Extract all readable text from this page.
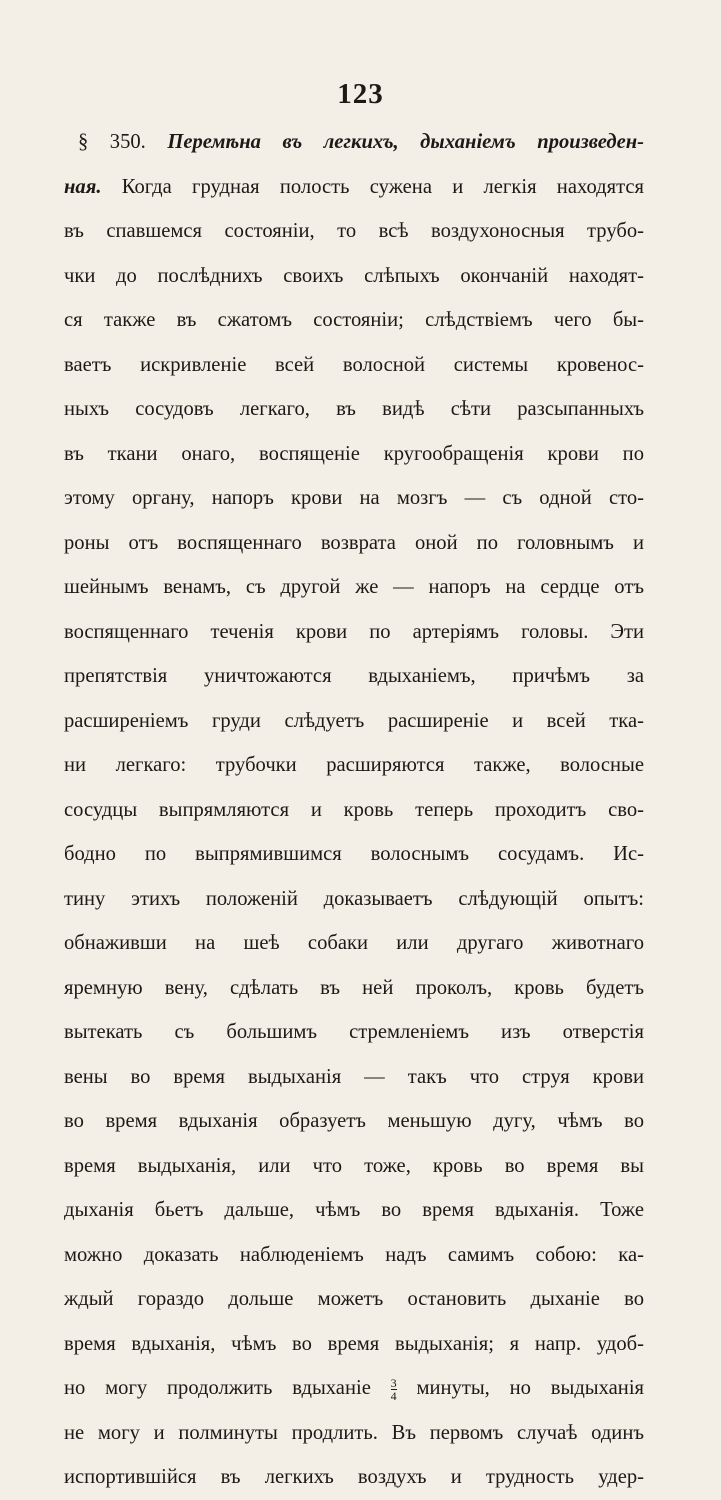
123
§ 350. Перемѣна въ легкихъ, дыханіемъ произведен-
ная. Когда грудная полость сужена и легкія находятся
въ спавшемся состояніи, то всѣ воздухоносныя трубо-
чки до послѣднихъ своихъ слѣпыхъ окончаній находят-
ся также въ сжатомъ состояніи; слѣдствіемъ чего бы-
ваетъ искривленіе всей волосной системы кровенос-
ныхъ сосудовъ легкаго, въ видѣ сѣти разсыпанныхъ
въ ткани онаго, воспященіе кругообращенія крови по
этому органу, напоръ крови на мозгъ — съ одной сто-
роны отъ воспященнаго возврата оной по головнымъ и
шейнымъ венамъ, съ другой же — напоръ на сердце отъ
воспященнаго теченія крови по артеріямъ головы. Эти
препятствія уничтожаются вдыханіемъ, причѣмъ за
расширеніемъ груди слѣдуетъ расширеніе и всей тка-
ни легкаго: трубочки расширяются также, волосные
сосудцы выпрямляются и кровь теперь проходитъ сво-
бодно по выпрямившимся волоснымъ сосудамъ. Ис-
тину этихъ положеній доказываетъ слѣдующій опытъ:
обнаживши на шеѣ собаки или другаго животнаго
яремную вену, сдѣлать въ ней проколъ, кровь будетъ
вытекать съ большимъ стремленіемъ изъ отверстія
вены во время выдыханія — такъ что струя крови
во время вдыханія образуетъ меньшую дугу, чѣмъ во
время выдыханія, или что тоже, кровь во время вы
дыханія бьетъ дальше, чѣмъ во время вдыханія. Тоже
можно доказать наблюденіемъ надъ самимъ собою: ка-
ждый гораздо дольше можетъ остановить дыханіе во
время вдыханія, чѣмъ во время выдыханія; я напр. удоб-
но могу продолжить вдыханіе $\frac{3}{4}$ минуты, но выдыханія
не могу и полминуты продлить. Въ первомъ случаѣ одинъ
испортившійся въ легкихъ воздухъ и трудность удер-
